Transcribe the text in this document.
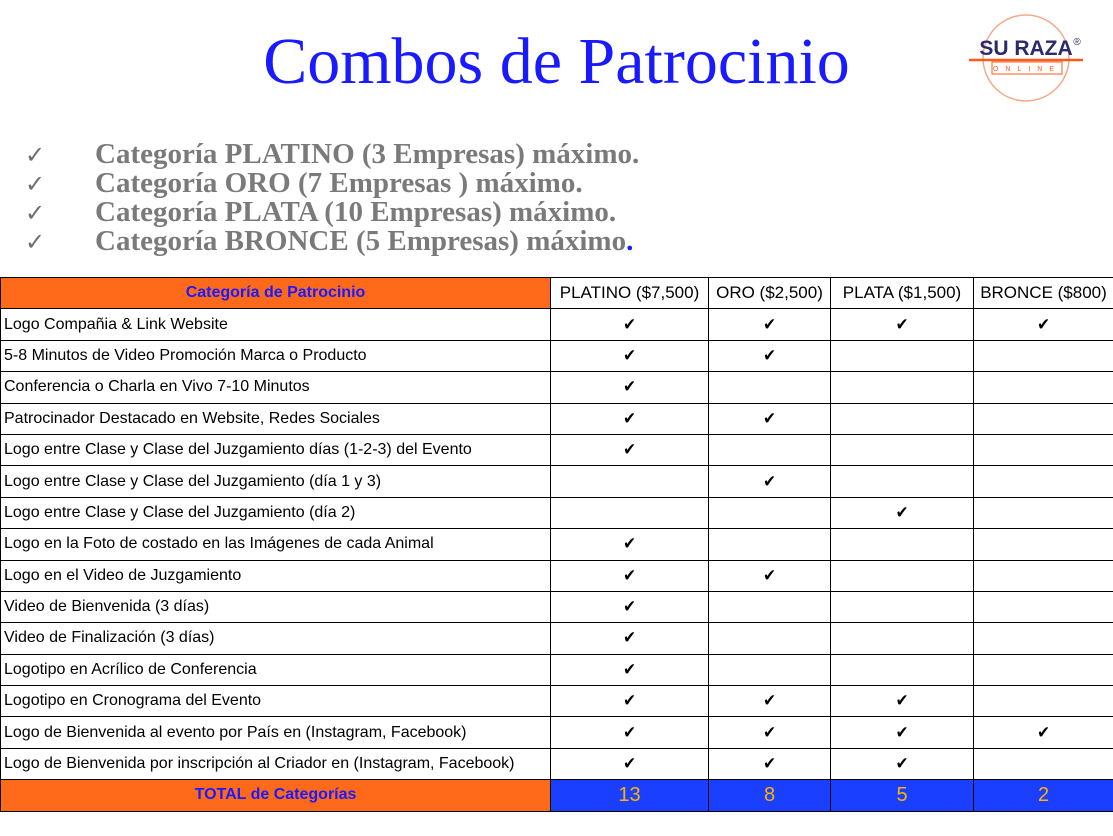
Combos de Patrocinio	SU RAZA ®
ONLINE
✓	Categoría PLATINO (3 Empresas) máximo.
✓	Categoría ORO (7 Empresas ) máximo.
✓	Categoría PLATA (10 Empresas) máximo.
✓	Categoría BRONCE (5 Empresas) máximo .
Categoría de Patrocinio	PLATINO ($7,500)	ORO ($2,500)	PLATA ($1,500)	BRONCE ($800)
Logo Compañia & Link Website	✔	✔	✔	✔
5-8 Minutos de Video Promoción Marca o Producto	✔	✔		
Conferencia o Charla en Vivo 7-10 Minutos	✔			
Patrocinador Destacado en Website, Redes Sociales	✔	✔		
Logo entre Clase y Clase del Juzgamiento días (1-2-3) del Evento	✔			
Logo entre Clase y Clase del Juzgamiento (día 1 y 3)		✔		
Logo entre Clase y Clase del Juzgamiento (día 2)			✔	
Logo en la Foto de costado en las Imágenes de cada Animal	✔			
Logo en el Video de Juzgamiento	✔	✔		
Video de Bienvenida (3 días)	✔			
Video de Finalización (3 días)	✔			
Logotipo en Acrílico de Conferencia	✔			
Logotipo en Cronograma del Evento	✔	✔	✔	
Logo de Bienvenida al evento por País en (Instagram, Facebook)	✔	✔	✔	✔
Logo de Bienvenida por inscripción al Criador en (Instagram, Facebook)	✔	✔	✔	
TOTAL de Categorías	13	8	5	2
